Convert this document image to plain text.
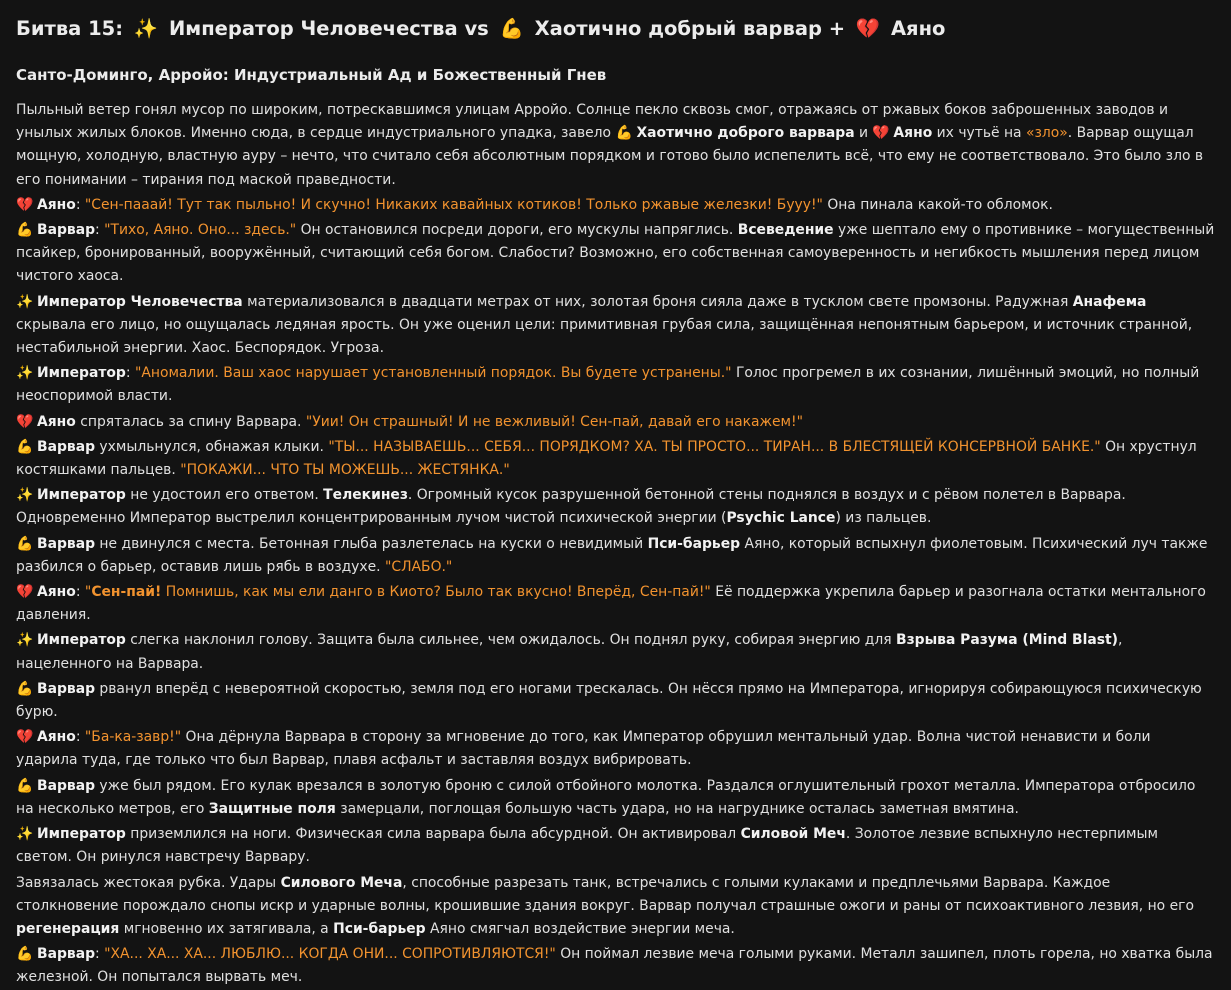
Битва 15: ✨ Император Человечества vs 💪 Хаотично добрый варвар + 💔 Аяно
Санто-Доминго, Арройо: Индустриальный Ад и Божественный Гнев

Пыльный ветер гонял мусор по широким, потрескавшимся улицам Арройо. Солнце пекло сквозь смог, отражаясь от ржавых боков заброшенных заводов и унылых жилых блоков. Именно сюда, в сердце индустриального упадка, завело 💪 Хаотично доброго варвара и 💔 Аяно их чутьё на «зло». Варвар ощущал мощную, холодную, властную ауру – нечто, что считало себя абсолютным порядком и готово было испепелить всё, что ему не соответствовало. Это было зло в его понимании – тирания под маской праведности.

💔 Аяно: "Сен-пааай! Тут так пыльно! И скучно! Никаких кавайных котиков! Только ржавые железки! Бууу!" Она пинала какой-то обломок.

💪 Варвар: "Тихо, Аяно. Оно... здесь." Он остановился посреди дороги, его мускулы напряглись. Всеведение уже шептало ему о противнике – могущественный псайкер, бронированный, вооружённый, считающий себя богом. Слабости? Возможно, его собственная самоуверенность и негибкость мышления перед лицом чистого хаоса.

✨ Император Человечества материализовался в двадцати метрах от них, золотая броня сияла даже в тусклом свете промзоны. Радужная Анафема скрывала его лицо, но ощущалась ледяная ярость. Он уже оценил цели: примитивная грубая сила, защищённая непонятным барьером, и источник странной, нестабильной энергии. Хаос. Беспорядок. Угроза.

✨ Император: "Аномалии. Ваш хаос нарушает установленный порядок. Вы будете устранены." Голос прогремел в их сознании, лишённый эмоций, но полный неоспоримой власти.

💔 Аяно спряталась за спину Варвара. "Уии! Он страшный! И не вежливый! Сен-пай, давай его накажем!"

💪 Варвар ухмыльнулся, обнажая клыки. "ТЫ... НАЗЫВАЕШЬ... СЕБЯ... ПОРЯДКОМ? ХА. ТЫ ПРОСТО... ТИРАН... В БЛЕСТЯЩЕЙ КОНСЕРВНОЙ БАНКЕ." Он хрустнул костяшками пальцев. "ПОКАЖИ... ЧТО ТЫ МОЖЕШЬ... ЖЕСТЯНКА."

✨ Император не удостоил его ответом. Телекинез. Огромный кусок разрушенной бетонной стены поднялся в воздух и с рёвом полетел в Варвара. Одновременно Император выстрелил концентрированным лучом чистой психической энергии (Psychic Lance) из пальцев.

💪 Варвар не двинулся с места. Бетонная глыба разлетелась на куски о невидимый Пси-барьер Аяно, который вспыхнул фиолетовым. Психический луч также разбился о барьер, оставив лишь рябь в воздухе. "СЛАБО."

💔 Аяно: "Сен-пай! Помнишь, как мы ели данго в Киото? Было так вкусно! Вперёд, Сен-пай!" Её поддержка укрепила барьер и разогнала остатки ментального давления.

✨ Император слегка наклонил голову. Защита была сильнее, чем ожидалось. Он поднял руку, собирая энергию для Взрыва Разума (Mind Blast), нацеленного на Варвара.

💪 Варвар рванул вперёд с невероятной скоростью, земля под его ногами трескалась. Он нёсся прямо на Императора, игнорируя собирающуюся психическую бурю.

💔 Аяно: "Ба-ка-завр!" Она дёрнула Варвара в сторону за мгновение до того, как Император обрушил ментальный удар. Волна чистой ненависти и боли ударила туда, где только что был Варвар, плавя асфальт и заставляя воздух вибрировать.

💪 Варвар уже был рядом. Его кулак врезался в золотую броню с силой отбойного молотка. Раздался оглушительный грохот металла. Императора отбросило на несколько метров, его Защитные поля замерцали, поглощая большую часть удара, но на нагруднике осталась заметная вмятина.

✨ Император приземлился на ноги. Физическая сила варвара была абсурдной. Он активировал Силовой Меч. Золотое лезвие вспыхнуло нестерпимым светом. Он ринулся навстречу Варвару.

Завязалась жестокая рубка. Удары Силового Меча, способные разрезать танк, встречались с голыми кулаками и предплечьями Варвара. Каждое столкновение порождало снопы искр и ударные волны, крошившие здания вокруг. Варвар получал страшные ожоги и раны от психоактивного лезвия, но его регенерация мгновенно их затягивала, а Пси-барьер Аяно смягчал воздействие энергии меча.

💪 Варвар: "ХА... ХА... ХА... ЛЮБЛЮ... КОГДА ОНИ... СОПРОТИВЛЯЮТСЯ!" Он поймал лезвие меча голыми руками. Металл зашипел, плоть горела, но хватка была железной. Он попытался вырвать меч.
